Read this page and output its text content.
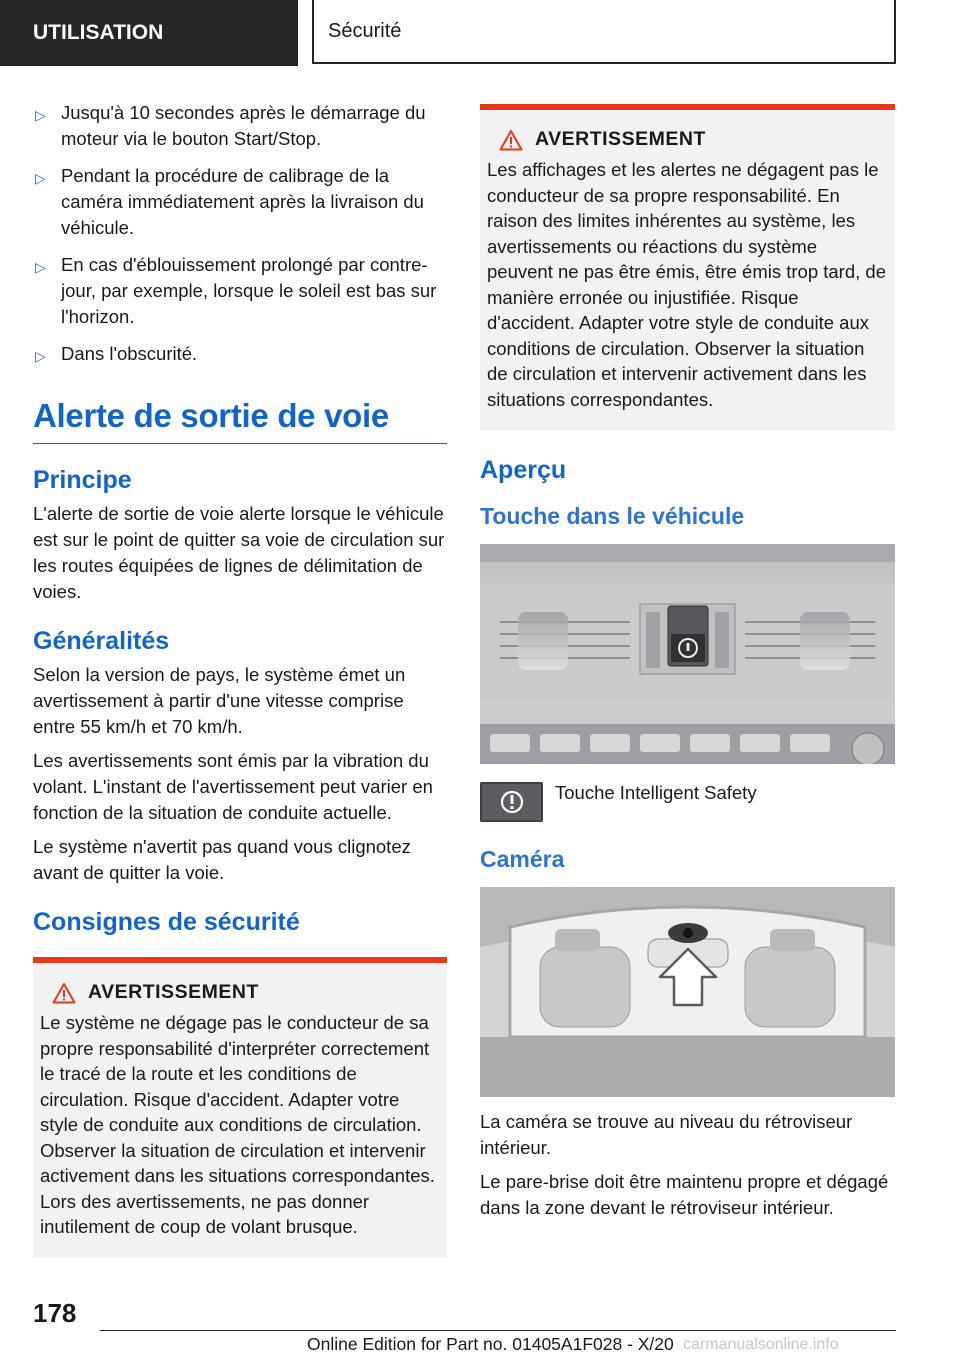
UTILISATION	Sécurité
▷ Jusqu'à 10 secondes après le démarrage du moteur via le bouton Start/Stop.
▷ Pendant la procédure de calibrage de la caméra immédiatement après la livraison du véhicule.
▷ En cas d'éblouissement prolongé par contre-jour, par exemple, lorsque le soleil est bas sur l'horizon.
▷ Dans l'obscurité.
Alerte de sortie de voie
Principe

L'alerte de sortie de voie alerte lorsque le véhicule est sur le point de quitter sa voie de circulation sur les routes équipées de lignes de délimitation de voies.

Généralités

Selon la version de pays, le système émet un avertissement à partir d'une vitesse comprise entre 55 km/h et 70 km/h.

Les avertissements sont émis par la vibration du volant. L'instant de l'avertissement peut varier en fonction de la situation de conduite actuelle.

Le système n'avertit pas quand vous clignotez avant de quitter la voie.

Consignes de sécurité
AVERTISSEMENT
Le système ne dégage pas le conducteur de sa propre responsabilité d'interpréter correctement le tracé de la route et les conditions de circulation. Risque d'accident. Adapter votre style de conduite aux conditions de circulation. Observer la situation de circulation et intervenir activement dans les situations correspondantes. Lors des avertissements, ne pas donner inutilement de coup de volant brusque.
AVERTISSEMENT
Les affichages et les alertes ne dégagent pas le conducteur de sa propre responsabilité. En raison des limites inhérentes au système, les avertissements ou réactions du système peuvent ne pas être émis, être émis trop tard, de manière erronée ou injustifiée. Risque d'accident. Adapter votre style de conduite aux conditions de circulation. Observer la situation de circulation et intervenir activement dans les situations correspondantes.
Aperçu
Touche dans le véhicule
Touche Intelligent Safety
Caméra

La caméra se trouve au niveau du rétroviseur intérieur.

Le pare-brise doit être maintenu propre et dégagé dans la zone devant le rétroviseur intérieur.

178
Online Edition for Part no. 01405A1F028 - X/20 carmanualsonline.info
